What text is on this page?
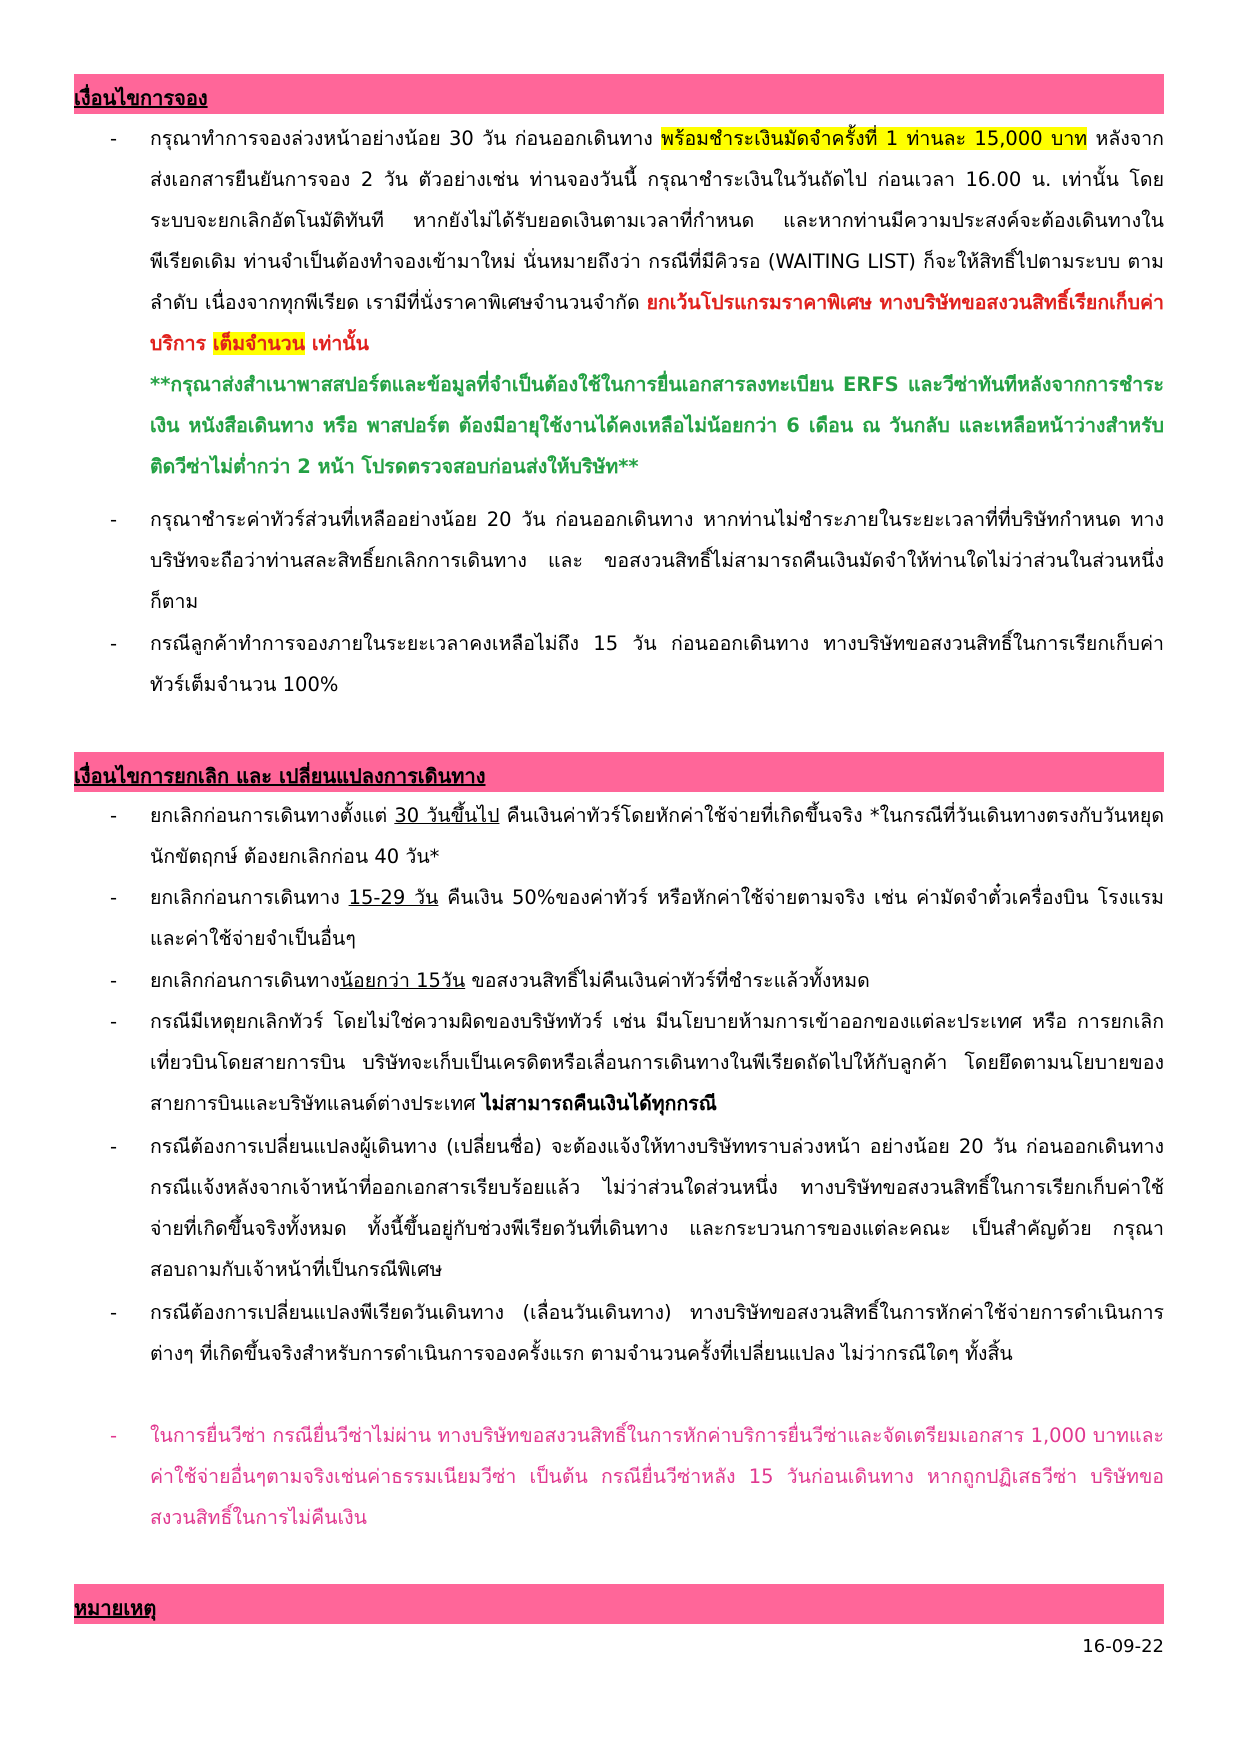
เงื่อนไขการจอง
- กรุณาทำการจองล่วงหน้าอย่างน้อย 30 วัน ก่อนออกเดินทาง พร้อมชำระเงินมัดจำครั้งที่ 1 ท่านละ 15,000 บาท หลังจากส่งเอกสารยืนยันการจอง 2 วัน ตัวอย่างเช่น ท่านจองวันนี้ กรุณาชำระเงินในวันถัดไป ก่อนเวลา 16.00 น. เท่านั้น โดยระบบจะยกเลิกอัตโนมัติทันที หากยังไม่ได้รับยอดเงินตามเวลาที่กำหนด และหากท่านมีความประสงค์จะต้องเดินทางในพีเรียดเดิม ท่านจำเป็นต้องทำจองเข้ามาใหม่ นั่นหมายถึงว่า กรณีที่มีคิวรอ (WAITING LIST) ก็จะให้สิทธิ์ไปตามระบบ ตามลำดับ เนื่องจากทุกพีเรียด เรามีที่นั่งราคาพิเศษจำนวนจำกัด ยกเว้นโปรแกรมราคาพิเศษ ทางบริษัทขอสงวนสิทธิ์เรียกเก็บค่าบริการ เต็มจำนวน เท่านั้น
**กรุณาส่งสำเนาพาสสปอร์ตและข้อมูลที่จำเป็นต้องใช้ในการยื่นเอกสารลงทะเบียน ERFS และวีซ่าทันทีหลังจากการชำระเงิน หนังสือเดินทาง หรือ พาสปอร์ต ต้องมีอายุใช้งานได้คงเหลือไม่น้อยกว่า 6 เดือน ณ วันกลับ และเหลือหน้าว่างสำหรับติดวีซ่าไม่ต่ำกว่า 2 หน้า โปรดตรวจสอบก่อนส่งให้บริษัท**
- กรุณาชำระค่าทัวร์ส่วนที่เหลืออย่างน้อย 20 วัน ก่อนออกเดินทาง หากท่านไม่ชำระภายในระยะเวลาที่ที่บริษัทกำหนด ทางบริษัทจะถือว่าท่านสละสิทธิ์ยกเลิกการเดินทาง และ ขอสงวนสิทธิ์ไม่สามารถคืนเงินมัดจำให้ท่านใดไม่ว่าส่วนในส่วนหนึ่งก็ตาม
- กรณีลูกค้าทำการจองภายในระยะเวลาคงเหลือไม่ถึง 15 วัน ก่อนออกเดินทาง ทางบริษัทขอสงวนสิทธิ์ในการเรียกเก็บค่าทัวร์เต็มจำนวน 100%
เงื่อนไขการยกเลิก และ เปลี่ยนแปลงการเดินทาง
- ยกเลิกก่อนการเดินทางตั้งแต่ 30 วันขึ้นไป คืนเงินค่าทัวร์โดยหักค่าใช้จ่ายที่เกิดขึ้นจริง *ในกรณีที่วันเดินทางตรงกับวันหยุดนักขัตฤกษ์ ต้องยกเลิกก่อน 40 วัน*
- ยกเลิกก่อนการเดินทาง 15-29 วัน คืนเงิน 50%ของค่าทัวร์ หรือหักค่าใช้จ่ายตามจริง เช่น ค่ามัดจำตั๋วเครื่องบิน โรงแรม และค่าใช้จ่ายจำเป็นอื่นๆ
- ยกเลิกก่อนการเดินทางน้อยกว่า 15วัน ขอสงวนสิทธิ์ไม่คืนเงินค่าทัวร์ที่ชำระแล้วทั้งหมด
- กรณีมีเหตุยกเลิกทัวร์ โดยไม่ใช่ความผิดของบริษัททัวร์ เช่น มีนโยบายห้ามการเข้าออกของแต่ละประเทศ หรือ การยกเลิกเที่ยวบินโดยสายการบิน บริษัทจะเก็บเป็นเครดิตหรือเลื่อนการเดินทางในพีเรียดถัดไปให้กับลูกค้า โดยยึดตามนโยบายของสายการบินและบริษัทแลนด์ต่างประเทศ ไม่สามารถคืนเงินได้ทุกกรณี
- กรณีต้องการเปลี่ยนแปลงผู้เดินทาง (เปลี่ยนชื่อ) จะต้องแจ้งให้ทางบริษัททราบล่วงหน้า อย่างน้อย 20 วัน ก่อนออกเดินทาง กรณีแจ้งหลังจากเจ้าหน้าที่ออกเอกสารเรียบร้อยแล้ว ไม่ว่าส่วนใดส่วนหนึ่ง ทางบริษัทขอสงวนสิทธิ์ในการเรียกเก็บค่าใช้จ่ายที่เกิดขึ้นจริงทั้งหมด ทั้งนี้ขึ้นอยู่กับช่วงพีเรียดวันที่เดินทาง และกระบวนการของแต่ละคณะ เป็นสำคัญด้วย กรุณาสอบถามกับเจ้าหน้าที่เป็นกรณีพิเศษ
- กรณีต้องการเปลี่ยนแปลงพีเรียดวันเดินทาง (เลื่อนวันเดินทาง) ทางบริษัทขอสงวนสิทธิ์ในการหักค่าใช้จ่ายการดำเนินการต่างๆ ที่เกิดขึ้นจริงสำหรับการดำเนินการจองครั้งแรก ตามจำนวนครั้งที่เปลี่ยนแปลง ไม่ว่ากรณีใดๆ ทั้งสิ้น
- ในการยื่นวีซ่า กรณียื่นวีซ่าไม่ผ่าน ทางบริษัทขอสงวนสิทธิ์ในการหักค่าบริการยื่นวีซ่าและจัดเตรียมเอกสาร 1,000 บาทและค่าใช้จ่ายอื่นๆตามจริงเช่นค่าธรรมเนียมวีซ่า เป็นต้น กรณียื่นวีซ่าหลัง 15 วันก่อนเดินทาง หากถูกปฏิเสธวีซ่า บริษัทขอสงวนสิทธิ์ในการไม่คืนเงิน
หมายเหตุ
16-09-22
